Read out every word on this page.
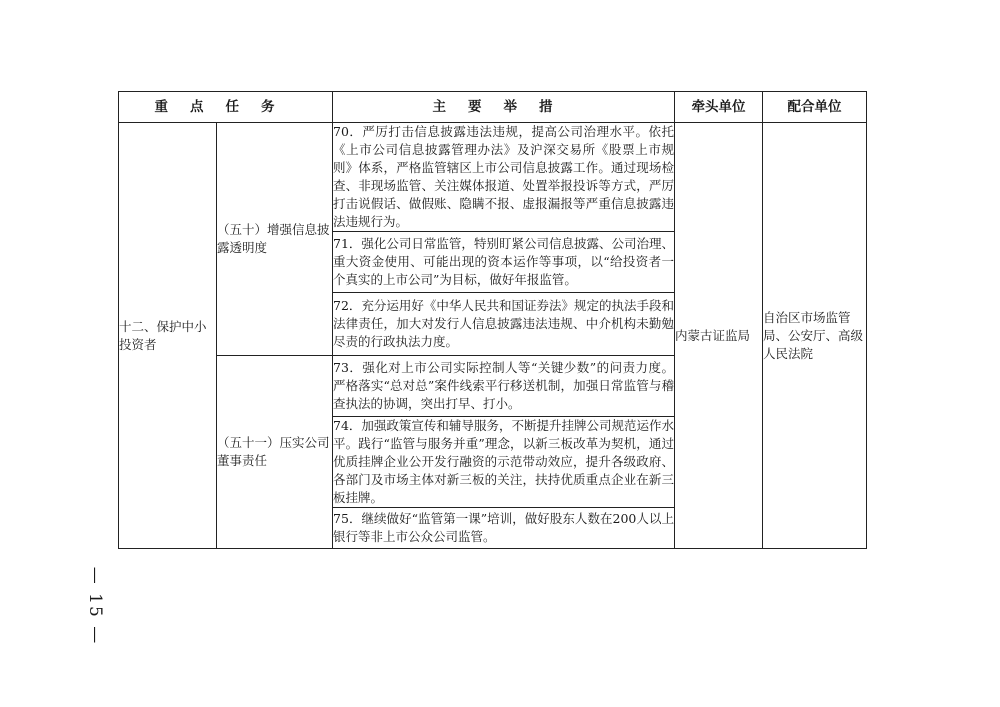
— 15 —
重点任务		主要举措	牵头单位	配合单位
十二、保护中小投资者	（五十）增强信息披露透明度	70．严厉打击信息披露违法违规，提高公司治理水平。依托《上市公司信息披露管理办法》及沪深交易所《股票上市规则》体系，严格监管辖区上市公司信息披露工作。通过现场检查、非现场监管、关注媒体报道、处置举报投诉等方式，严厉打击说假话、做假账、隐瞒不报、虚报漏报等严重信息披露违法违规行为。	内蒙古证监局	自治区市场监管局、公安厅、高级人民法院
		71．强化公司日常监管，特别盯紧公司信息披露、公司治理、重大资金使用、可能出现的资本运作等事项，以“给投资者一个真实的上市公司”为目标，做好年报监管。		
		72．充分运用好《中华人民共和国证券法》规定的执法手段和法律责任，加大对发行人信息披露违法违规、中介机构未勤勉尽责的行政执法力度。		
	（五十一）压实公司董事责任	73．强化对上市公司实际控制人等“关键少数”的问责力度。严格落实“总对总”案件线索平行移送机制，加强日常监管与稽查执法的协调，突出打早、打小。		
		74．加强政策宣传和辅导服务，不断提升挂牌公司规范运作水平。践行“监管与服务并重”理念，以新三板改革为契机，通过优质挂牌企业公开发行融资的示范带动效应，提升各级政府、各部门及市场主体对新三板的关注，扶持优质重点企业在新三板挂牌。		
		75．继续做好“监管第一课”培训，做好股东人数在200人以上银行等非上市公众公司监管。		
